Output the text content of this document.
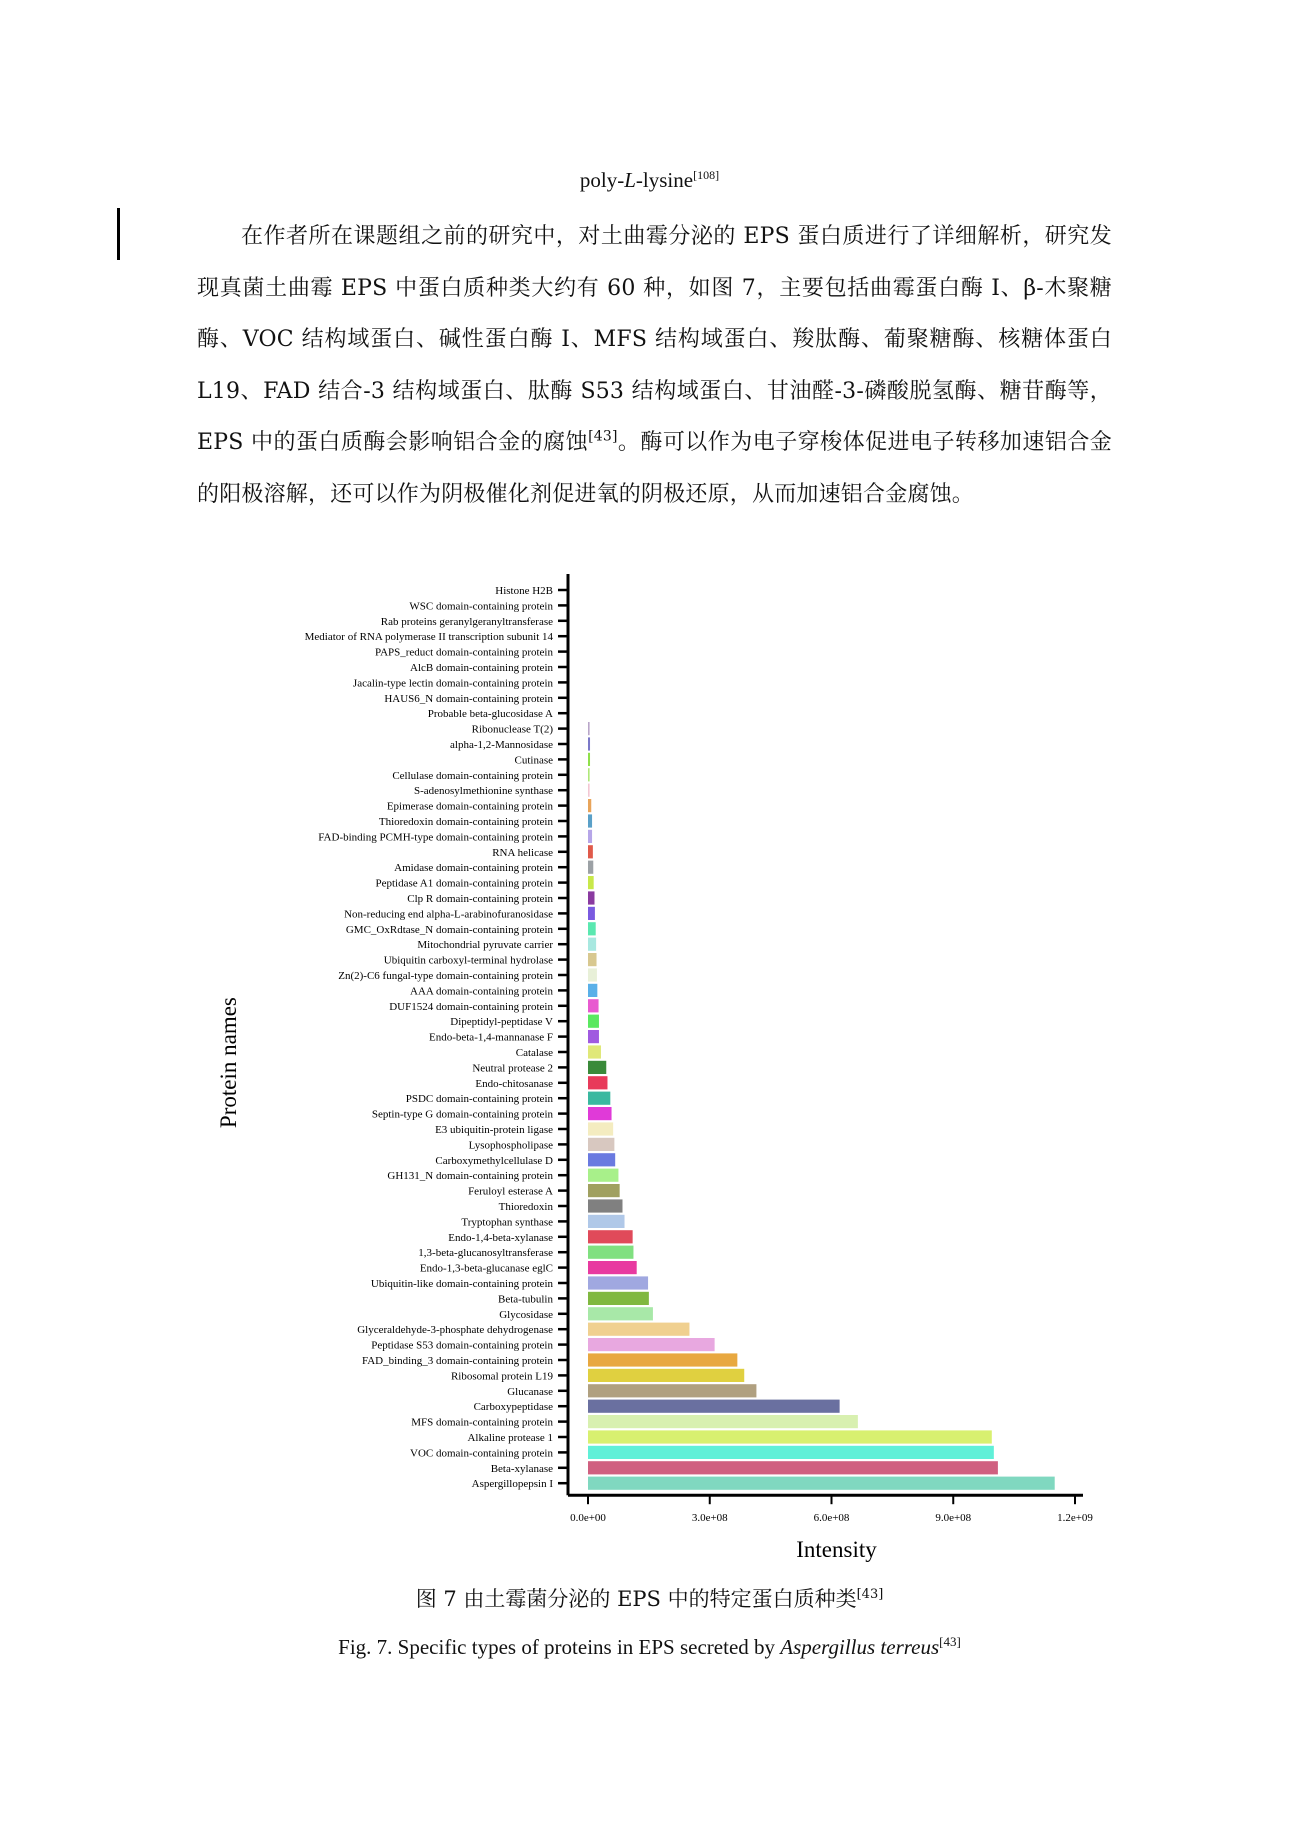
poly-L-lysine[108]

在作者所在课题组之前的研究中，对土曲霉分泌的 EPS 蛋白质进行了详细解析，研究发现真菌土曲霉 EPS 中蛋白质种类大约有 60 种，如图 7，主要包括曲霉蛋白酶 I、β-木聚糖酶、VOC 结构域蛋白、碱性蛋白酶 I、MFS 结构域蛋白、羧肽酶、葡聚糖酶、核糖体蛋白 L19、FAD 结合-3 结构域蛋白、肽酶 S53 结构域蛋白、甘油醛-3-磷酸脱氢酶、糖苷酶等，EPS 中的蛋白质酶会影响铝合金的腐蚀[43]。酶可以作为电子穿梭体促进电子转移加速铝合金的阳极溶解，还可以作为阴极催化剂促进氧的阴极还原，从而加速铝合金腐蚀。

Histone H2B
WSC domain-containing protein
Rab proteins geranylgeranyltransferase
Mediator of RNA polymerase II transcription subunit 14
PAPS_reduct domain-containing protein
AlcB domain-containing protein
Jacalin-type lectin domain-containing protein
HAUS6_N domain-containing protein
Probable beta-glucosidase A
Ribonuclease T(2)
alpha-1,2-Mannosidase
Cutinase
Cellulase domain-containing protein
S-adenosylmethionine synthase
Epimerase domain-containing protein
Thioredoxin domain-containing protein
FAD-binding PCMH-type domain-containing protein
RNA helicase
Amidase domain-containing protein
Peptidase A1 domain-containing protein
Clp R domain-containing protein
Non-reducing end alpha-L-arabinofuranosidase
GMC_OxRdtase_N domain-containing protein
Mitochondrial pyruvate carrier
Ubiquitin carboxyl-terminal hydrolase
Zn(2)-C6 fungal-type domain-containing protein
AAA domain-containing protein
DUF1524 domain-containing protein
Dipeptidyl-peptidase V
Endo-beta-1,4-mannanase F
Catalase
Neutral protease 2
Endo-chitosanase
PSDC domain-containing protein
Septin-type G domain-containing protein
E3 ubiquitin-protein ligase
Lysophospholipase
Carboxymethylcellulase D
GH131_N domain-containing protein
Feruloyl esterase A
Thioredoxin
Tryptophan synthase
Endo-1,4-beta-xylanase
1,3-beta-glucanosyltransferase
Endo-1,3-beta-glucanase eglC
Ubiquitin-like domain-containing protein
Beta-tubulin
Glycosidase
Glyceraldehyde-3-phosphate dehydrogenase
Peptidase S53 domain-containing protein
FAD_binding_3 domain-containing protein
Ribosomal protein L19
Glucanase
Carboxypeptidase
MFS domain-containing protein
Alkaline protease 1
VOC domain-containing protein
Beta-xylanase
Aspergillopepsin I
0.0e+00	3.0e+08	6.0e+08	9.0e+08	1.2e+09
Protein names
Intensity
图 7 由土霉菌分泌的 EPS 中的特定蛋白质种类[43]
Fig. 7. Specific types of proteins in EPS secreted by Aspergillus terreus[43]
